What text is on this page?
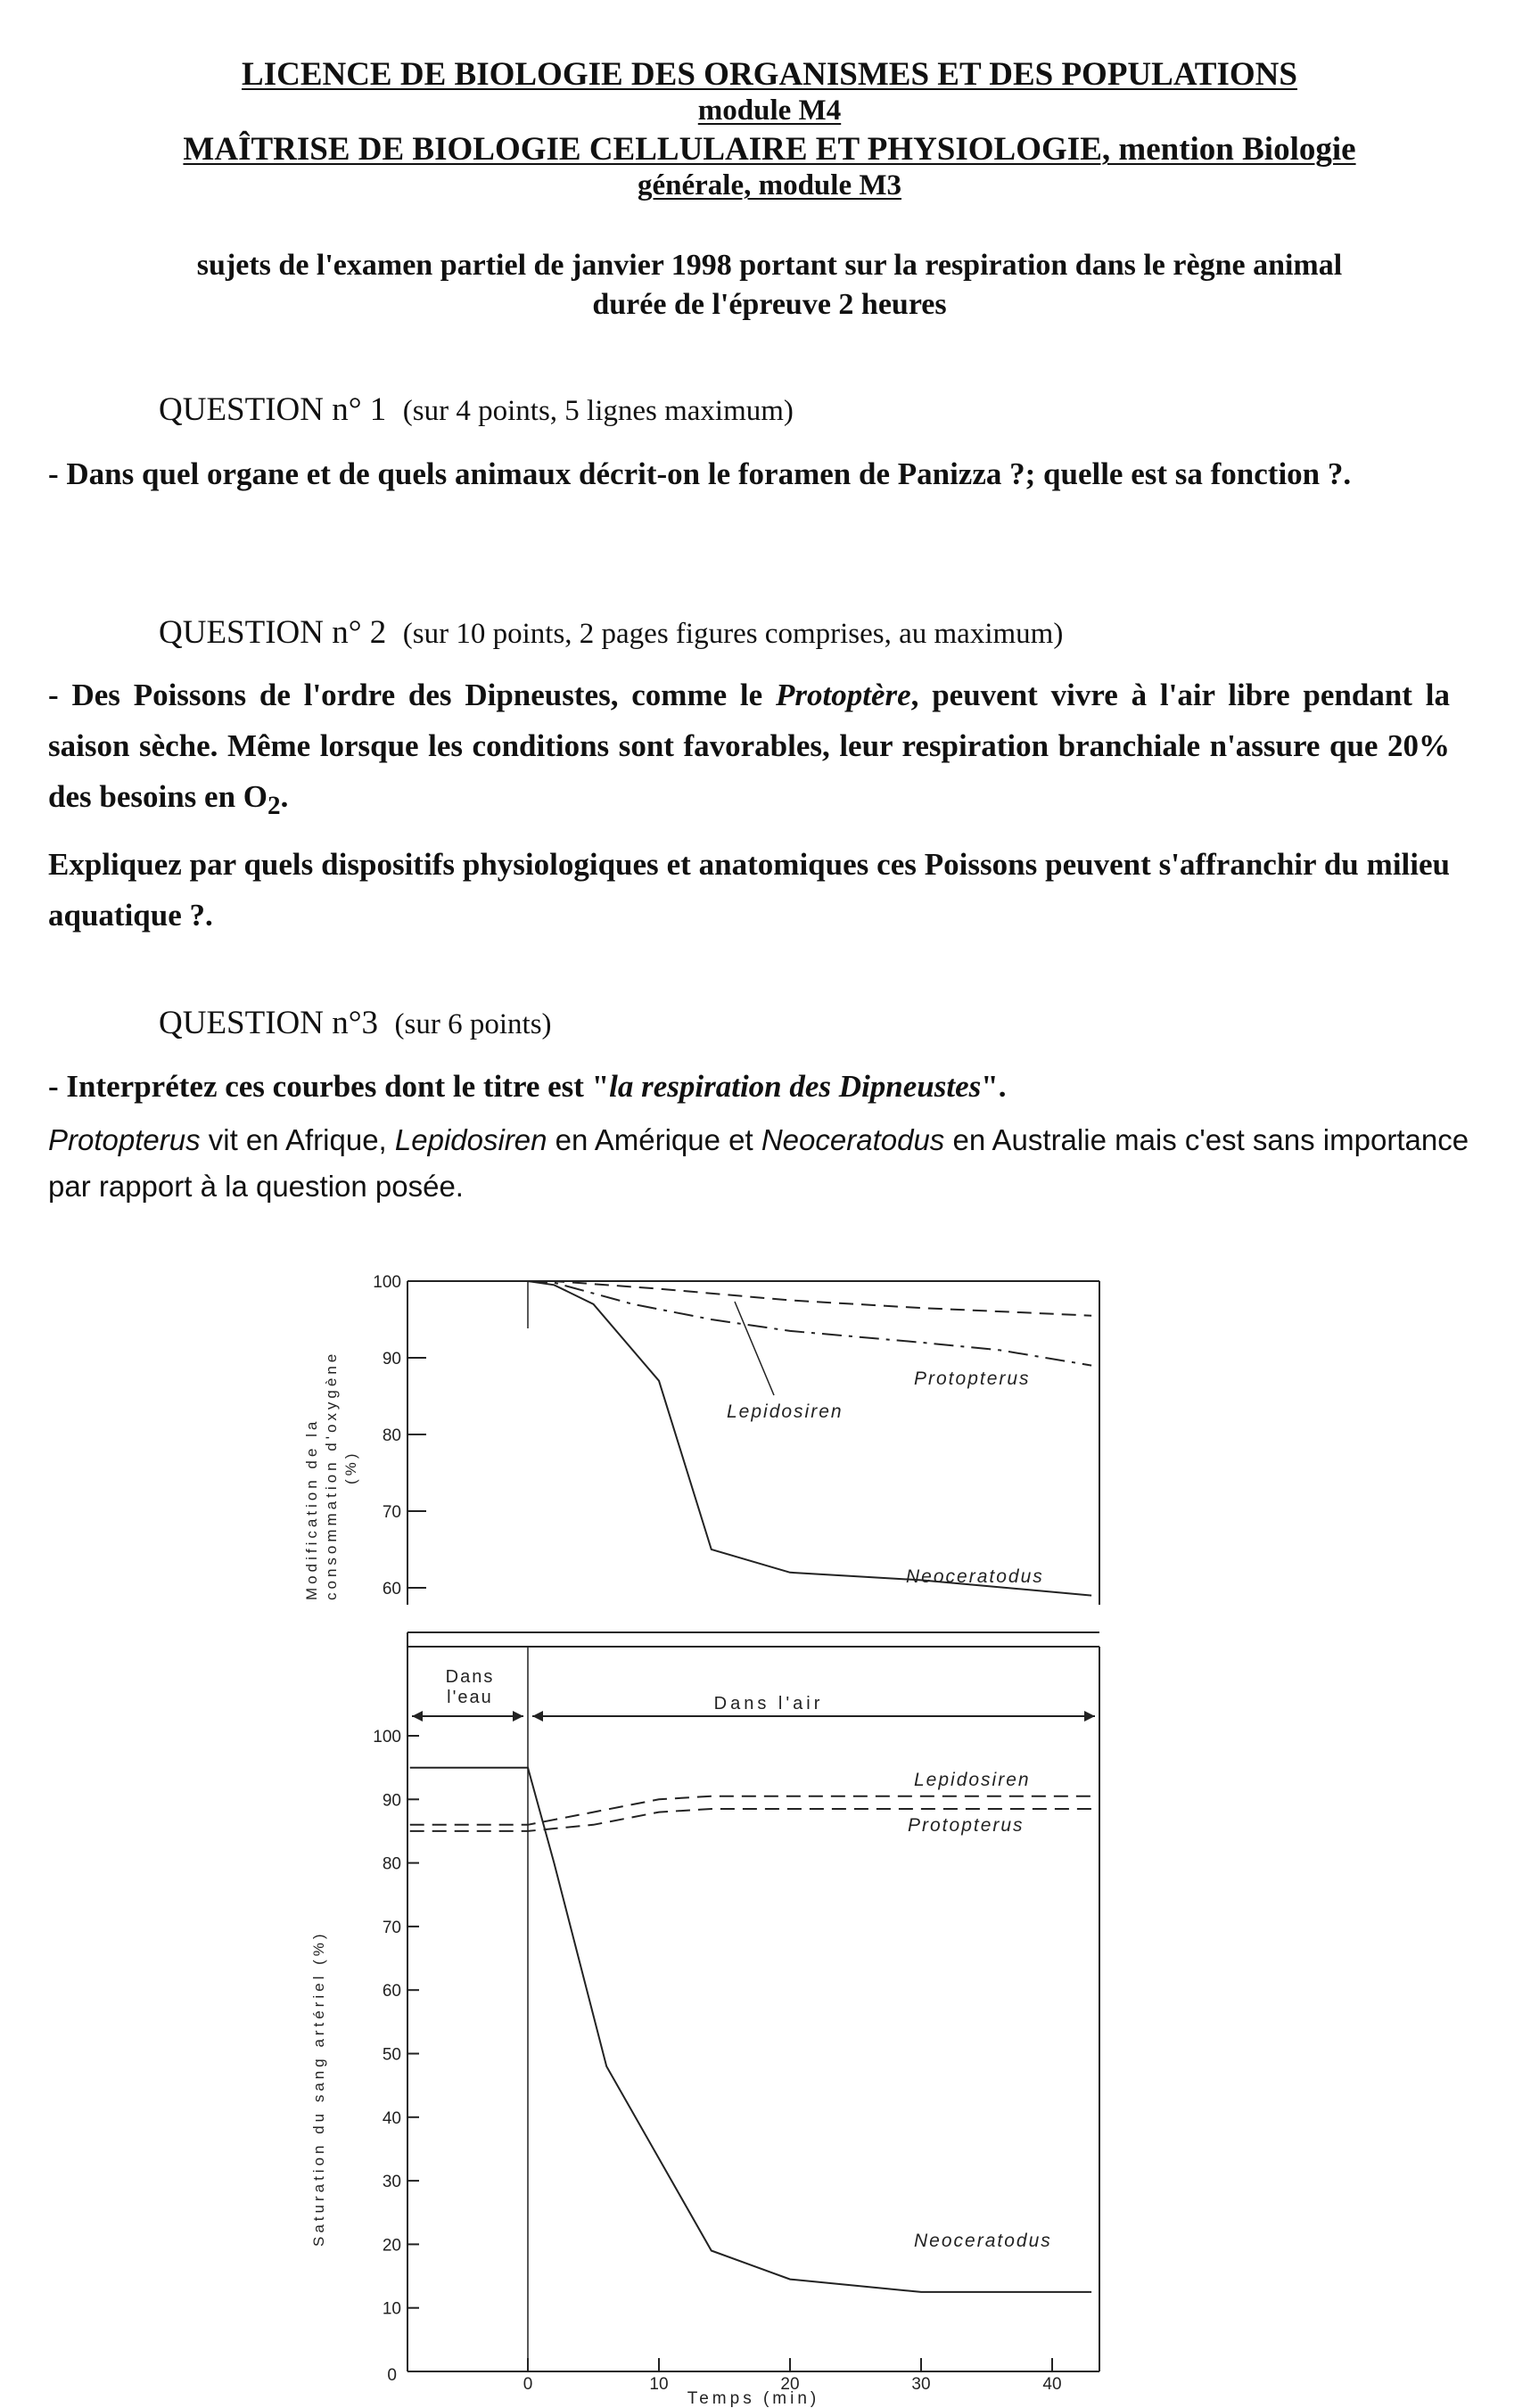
LICENCE DE BIOLOGIE DES ORGANISMES ET DES POPULATIONS
module M4
MAÎTRISE DE BIOLOGIE CELLULAIRE ET PHYSIOLOGIE, mention Biologie
générale, module M3
sujets de l'examen partiel de janvier 1998 portant sur la respiration dans le règne animal
durée de l'épreuve 2 heures
QUESTION n° 1 (sur 4 points, 5 lignes maximum)
- Dans quel organe et de quels animaux décrit-on le foramen de Panizza ?; quelle est sa fonction ?.
QUESTION n° 2 (sur 10 points, 2 pages figures comprises, au maximum)
- Des Poissons de l'ordre des Dipneustes, comme le Protoptère, peuvent vivre à l'air libre pendant la saison sèche. Même lorsque les conditions sont favorables, leur respiration branchiale n'assure que 20% des besoins en $O_2$.
Expliquez par quels dispositifs physiologiques et anatomiques ces Poissons peuvent s'affranchir du milieu aquatique ?.
QUESTION n°3 (sur 6 points)
- Interprétez ces courbes dont le titre est "la respiration des Dipneustes".
Protopterus vit en Afrique, Lepidosiren en Amérique et Neoceratodus en Australie mais c'est sans importance par rapport à la question posée.
60
70
80
90
100
Modification de la consommation d'oxygène (%)
Protopterus
Lepidosiren
Neoceratodus
Dans
l'eau	Dans l'air
10
20
30
40
50
60
70
80
90
100
0	0	10	20	30	40
Saturation du sang artériel (%)
Temps (min)
Lepidosiren
Protopterus
Neoceratodus
